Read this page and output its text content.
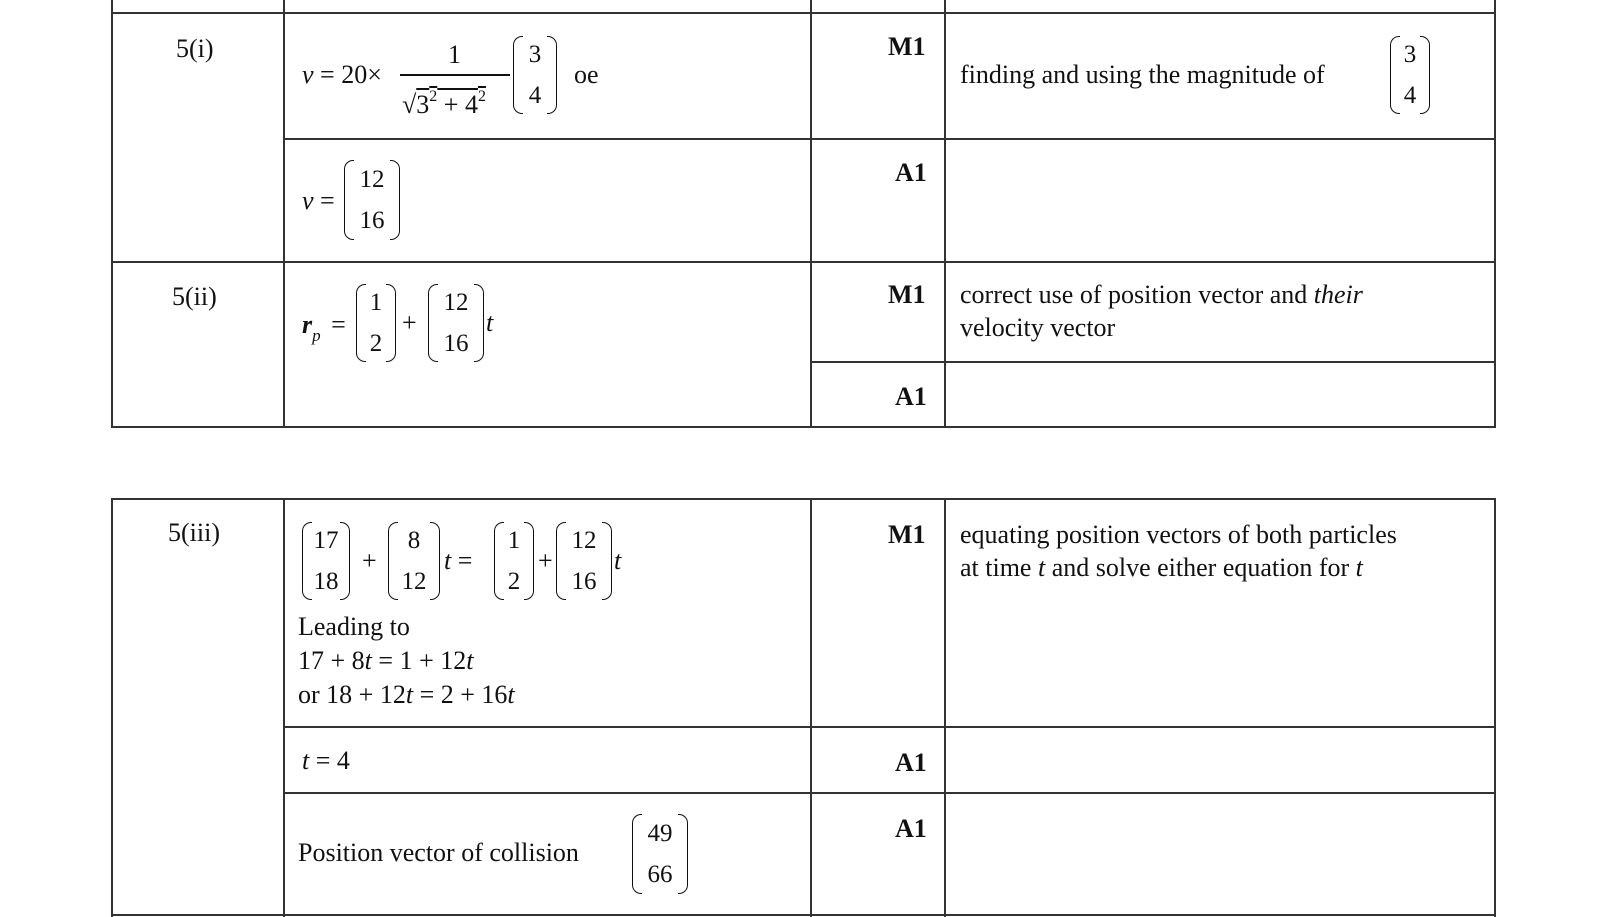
5(i)
v = 20×
1
$√3^2 + 4^2$
3
4
oe
M1
finding and using the magnitude of
3
4
v =
12
16
A1
5(ii)
$r_p$ =
1
2
+
12
16
t
M1
A1
correct use of position vector and their
velocity vector
5(iii)	17
18
+
8
12
t =
1
2
+
12
16
t
Leading to
17 + 8t = 1 + 12t
or 18 + 12t = 2 + 16t
M1 equating position vectors of both particles
at time t and solve either equation for t
t = 4	A1
Position vector of collision
49
66
A1
